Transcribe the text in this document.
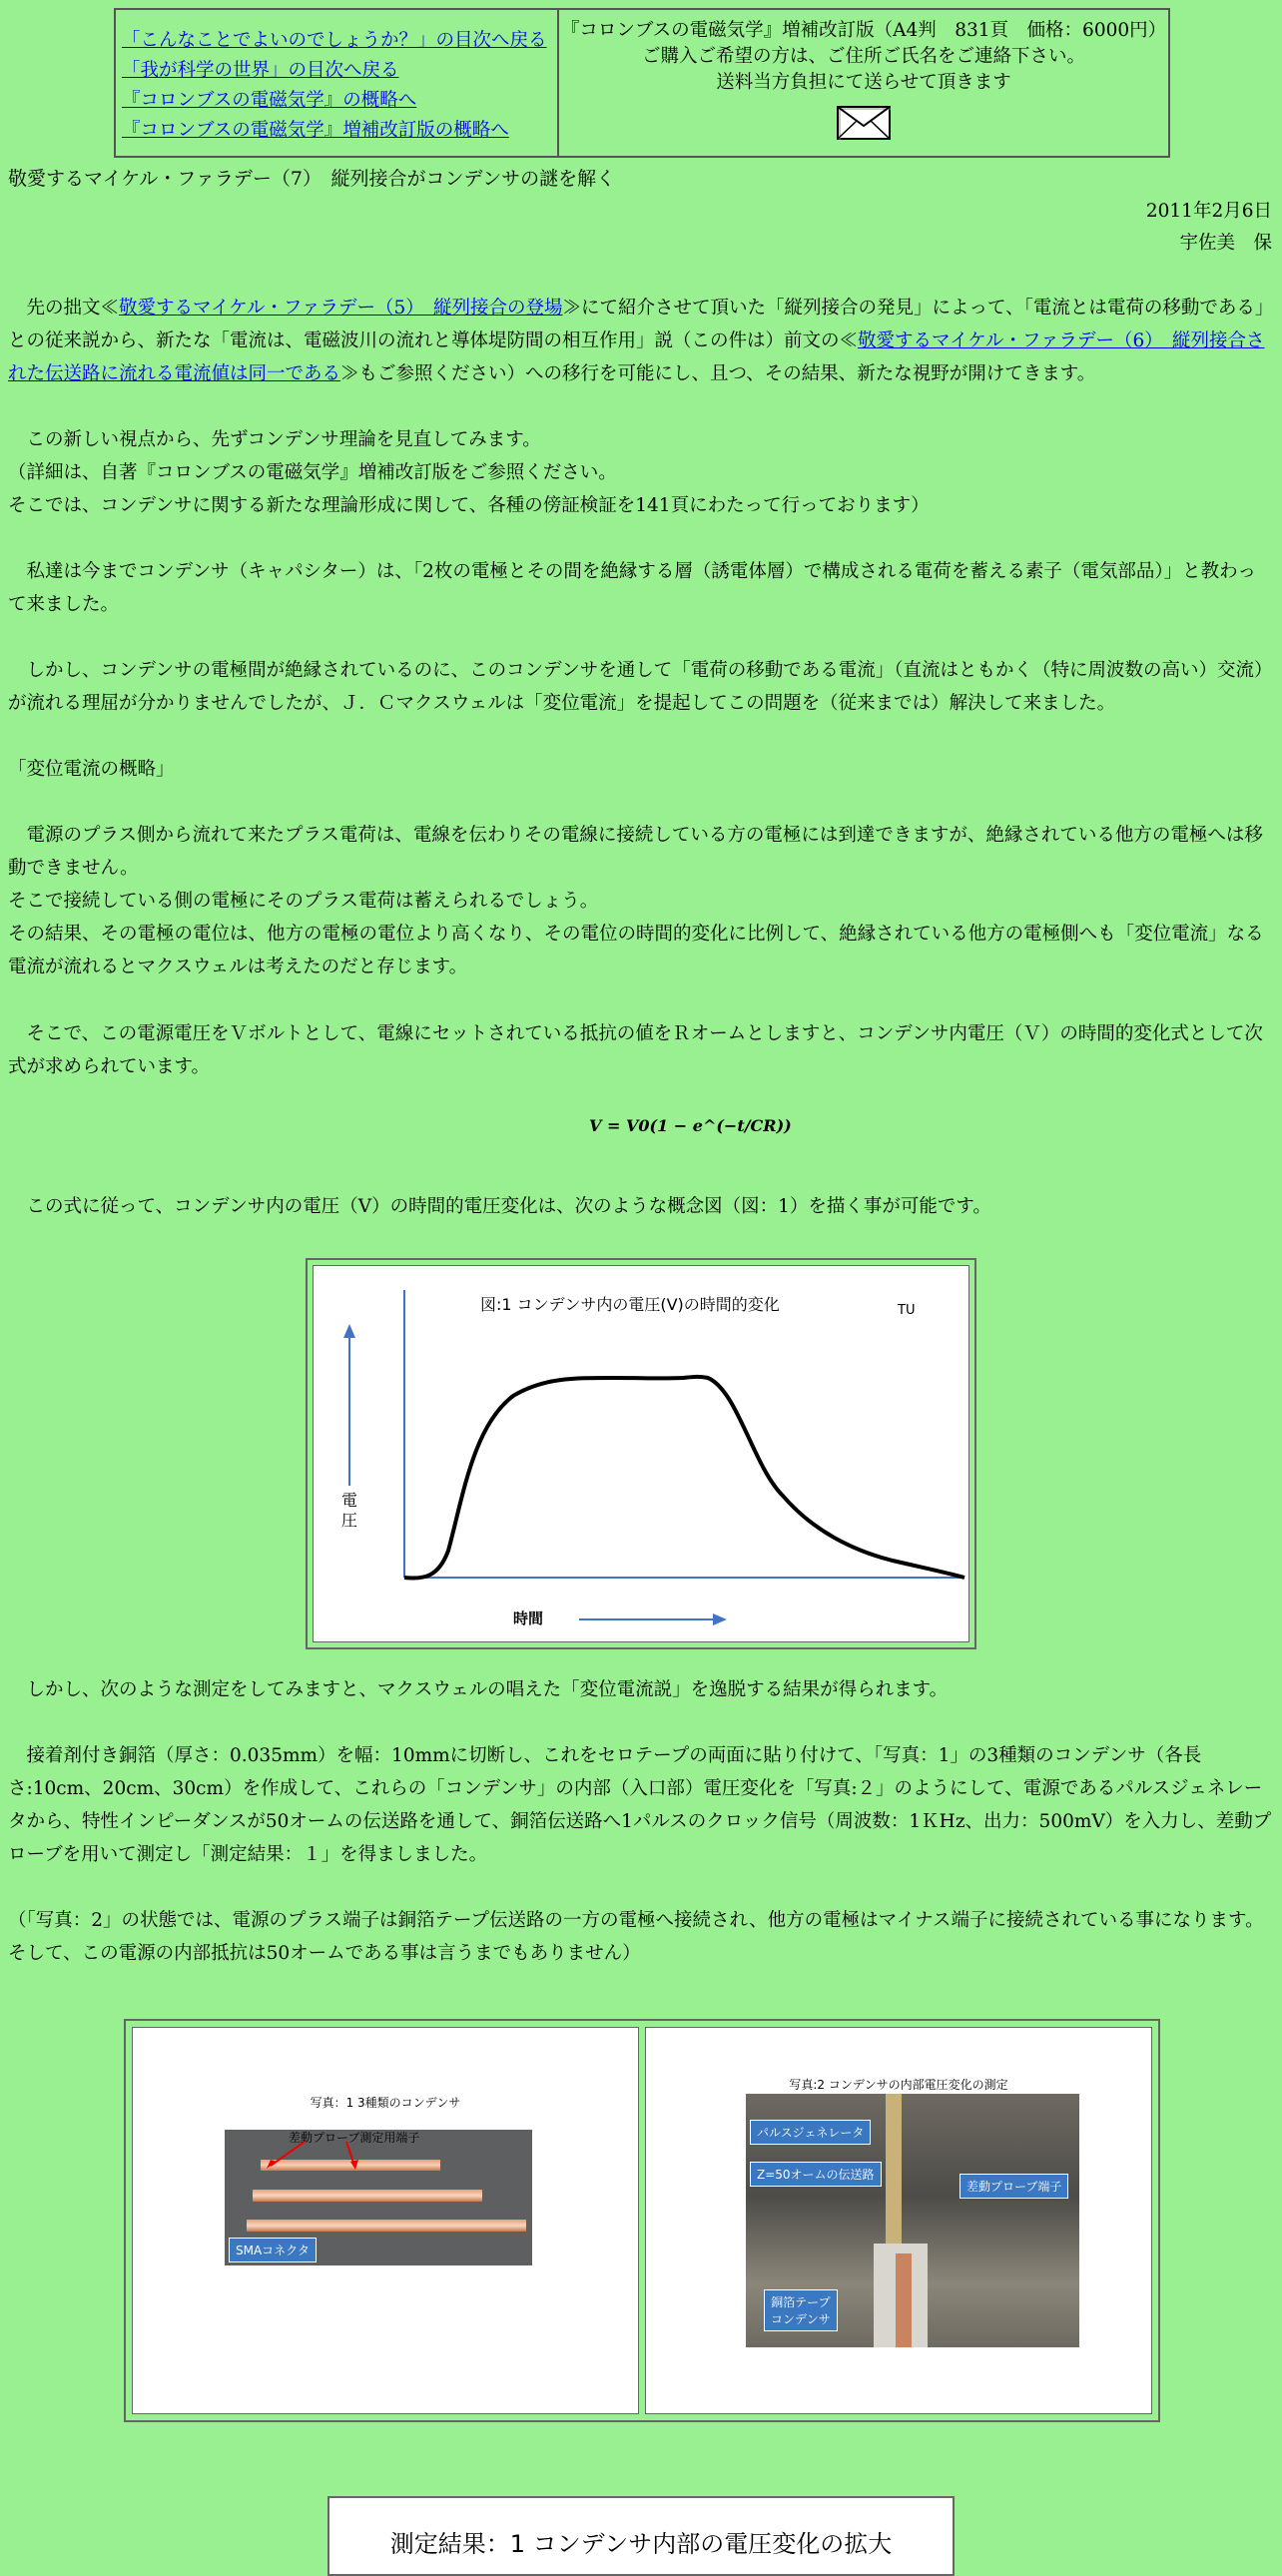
「こんなことでよいのでしょうか？」の目次へ戻る
「我が科学の世界」の目次へ戻る
『コロンブスの電磁気学』の概略へ
『コロンブスの電磁気学』増補改訂版の概略へ
『コロンブスの電磁気学』増補改訂版（A4判　831頁　価格：6000円）
ご購入ご希望の方は、ご住所ご氏名をご連絡下さい。
送料当方負担にて送らせて頂きます
敬愛するマイケル・ファラデー（7）　縦列接合がコンデンサの謎を解く
2011年2月6日
宇佐美　保
　先の拙文≪敬愛するマイケル・ファラデー（5）　縦列接合の登場≫にて紹介させて頂いた「縦列接合の発見」によって、「電流とは電荷の移動である」との従来説から、新たな「電流は、電磁波川の流れと導体堤防間の相互作用」説（この件は）前文の≪敬愛するマイケル・ファラデー（6）　縦列接合された伝送路に流れる電流値は同一である≫もご参照ください）への移行を可能にし、且つ、その結果、新たな視野が開けてきます。
　この新しい視点から、先ずコンデンサ理論を見直してみます。
（詳細は、自著『コロンブスの電磁気学』増補改訂版をご参照ください。
そこでは、コンデンサに関する新たな理論形成に関して、各種の傍証検証を141頁にわたって行っております）
　私達は今までコンデンサ（キャパシター）は、「2枚の電極とその間を絶縁する層（誘電体層）で構成される電荷を蓄える素子（電気部品）」と教わって来ました。
　しかし、コンデンサの電極間が絶縁されているのに、このコンデンサを通して「電荷の移動である電流」（直流はともかく（特に周波数の高い）交流）が流れる理屈が分かりませんでしたが、Ｊ．Ｃマクスウェルは「変位電流」を提起してこの問題を（従来までは）解決して来ました。
「変位電流の概略」
　電源のプラス側から流れて来たプラス電荷は、電線を伝わりその電線に接続している方の電極には到達できますが、絶縁されている他方の電極へは移動できません。
そこで接続している側の電極にそのプラス電荷は蓄えられるでしょう。
その結果、その電極の電位は、他方の電極の電位より高くなり、その電位の時間的変化に比例して、絶縁されている他方の電極側へも「変位電流」なる電流が流れるとマクスウェルは考えたのだと存じます。
　そこで、この電源電圧をＶボルトとして、電線にセットされている抵抗の値をＲオームとしますと、コンデンサ内電圧（Ｖ）の時間的変化式として次式が求められています。
V = V0(1 − e^(−t/CR))
　この式に従って、コンデンサ内の電圧（V）の時間的電圧変化は、次のような概念図（図：1）を描く事が可能です。
図:1 コンデンサ内の電圧(V)の時間的変化	TU
電圧
時間
　しかし、次のような測定をしてみますと、マクスウェルの唱えた「変位電流説」を逸脱する結果が得られます。
　接着剤付き銅箔（厚さ：0.035mm）を幅：10mmに切断し、これをセロテープの両面に貼り付けて、「写真：1」の3種類のコンデンサ（各長さ:10cm、20cm、30cm）を作成して、これらの「コンデンサ」の内部（入口部）電圧変化を「写真:２」のようにして、電源であるパルスジェネレータから、特性インピーダンスが50オームの伝送路を通して、銅箔伝送路へ1パルスのクロック信号（周波数：1ＫHz、出力：500mV）を入力し、差動プローブを用いて測定し「測定結果：１」を得ましました。
（「写真：2」の状態では、電源のプラス端子は銅箔テープ伝送路の一方の電極へ接続され、他方の電極はマイナス端子に接続されている事になります。
そして、この電源の内部抵抗は50オームである事は言うまでもありません）
写真：1 3種類のコンデンサ
差動プローブ測定用端子
SMAコネクタ
写真:2 コンデンサの内部電圧変化の測定
パルスジェネレータ
Z=50オームの伝送路
差動プローブ端子
銅箔テープ
コンデンサ
測定結果：1 コンデンサ内部の電圧変化の拡大
